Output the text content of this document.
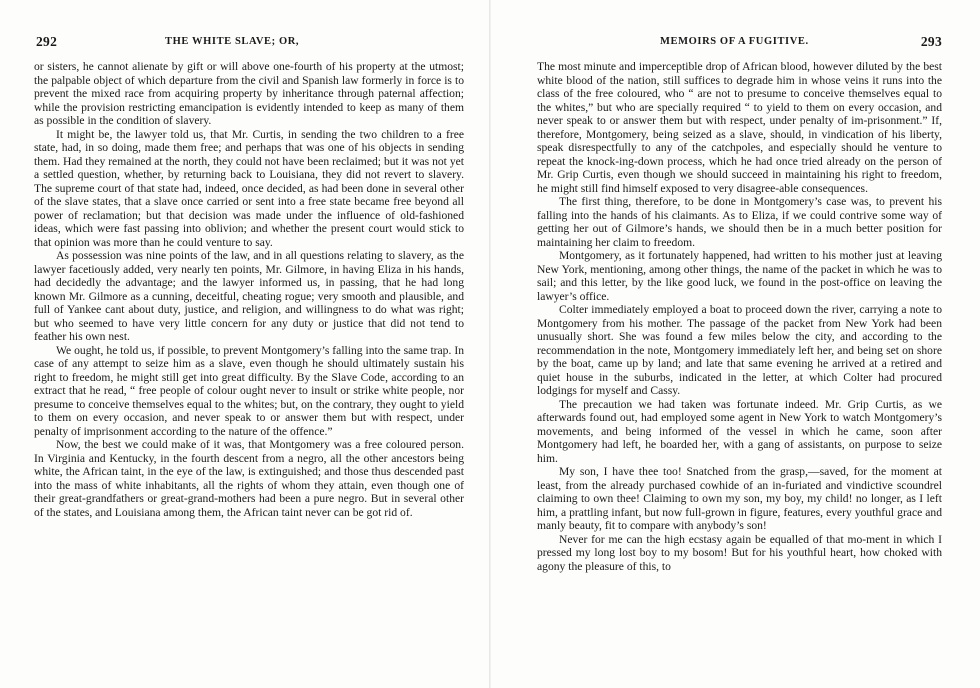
292	THE WHITE SLAVE; OR,

or sisters, he cannot alienate by gift or will above one-fourth of his property at the utmost; the palpable object of which departure from the civil and Spanish law formerly in force is to prevent the mixed race from acquiring property by inheritance through paternal affection; while the provision restricting emancipation is evidently intended to keep as many of them as possible in the condition of slavery.

It might be, the lawyer told us, that Mr. Curtis, in sending the two children to a free state, had, in so doing, made them free; and perhaps that was one of his objects in sending them. Had they remained at the north, they could not have been reclaimed; but it was not yet a settled question, whether, by returning back to Louisiana, they did not revert to slavery. The supreme court of that state had, indeed, once decided, as had been done in several other of the slave states, that a slave once carried or sent into a free state became free beyond all power of reclamation; but that decision was made under the influence of old-fashioned ideas, which were fast passing into oblivion; and whether the present court would stick to that opinion was more than he could venture to say.

As possession was nine points of the law, and in all questions relating to slavery, as the lawyer facetiously added, very nearly ten points, Mr. Gilmore, in having Eliza in his hands, had decidedly the advantage; and the lawyer informed us, in passing, that he had long known Mr. Gilmore as a cunning, deceitful, cheating rogue; very smooth and plausible, and full of Yankee cant about duty, justice, and religion, and willingness to do what was right; but who seemed to have very little concern for any duty or justice that did not tend to feather his own nest.

We ought, he told us, if possible, to prevent Montgomery’s falling into the same trap. In case of any attempt to seize him as a slave, even though he should ultimately sustain his right to freedom, he might still get into great difficulty. By the Slave Code, according to an extract that he read, “ free people of colour ought never to insult or strike white people, nor presume to conceive themselves equal to the whites; but, on the contrary, they ought to yield to them on every occasion, and never speak to or answer them but with respect, under penalty of imprisonment according to the nature of the offence.”

Now, the best we could make of it was, that Montgomery was a free coloured person. In Virginia and Kentucky, in the fourth descent from a negro, all the other ancestors being white, the African taint, in the eye of the law, is extinguished; and those thus descended past into the mass of white inhabitants, all the rights of whom they attain, even though one of their great-grandfathers or great-grand-mothers had been a pure negro. But in several other of the states, and Louisiana among them, the African taint never can be got rid of.

MEMOIRS OF A FUGITIVE.	293

The most minute and imperceptible drop of African blood, however diluted by the best white blood of the nation, still suffices to degrade him in whose veins it runs into the class of the free coloured, who “ are not to presume to conceive themselves equal to the whites,” but who are specially required “ to yield to them on every occasion, and never speak to or answer them but with respect, under penalty of im-prisonment.” If, therefore, Montgomery, being seized as a slave, should, in vindication of his liberty, speak disrespectfully to any of the catchpoles, and especially should he venture to repeat the knock-ing-down process, which he had once tried already on the person of Mr. Grip Curtis, even though we should succeed in maintaining his right to freedom, he might still find himself exposed to very disagree-able consequences.

The first thing, therefore, to be done in Montgomery’s case was, to prevent his falling into the hands of his claimants. As to Eliza, if we could contrive some way of getting her out of Gilmore’s hands, we should then be in a much better position for maintaining her claim to freedom.

Montgomery, as it fortunately happened, had written to his mother just at leaving New York, mentioning, among other things, the name of the packet in which he was to sail; and this letter, by the like good luck, we found in the post-office on leaving the lawyer’s office.

Colter immediately employed a boat to proceed down the river, carrying a note to Montgomery from his mother. The passage of the packet from New York had been unusually short. She was found a few miles below the city, and according to the recommendation in the note, Montgomery immediately left her, and being set on shore by the boat, came up by land; and late that same evening he arrived at a retired and quiet house in the suburbs, indicated in the letter, at which Colter had procured lodgings for myself and Cassy.

The precaution we had taken was fortunate indeed. Mr. Grip Curtis, as we afterwards found out, had employed some agent in New York to watch Montgomery’s movements, and being informed of the vessel in which he came, soon after Montgomery had left, he boarded her, with a gang of assistants, on purpose to seize him.

My son, I have thee too! Snatched from the grasp,—saved, for the moment at least, from the already purchased cowhide of an in-furiated and vindictive scoundrel claiming to own thee! Claiming to own my son, my boy, my child! no longer, as I left him, a prattling infant, but now full-grown in figure, features, every youthful grace and manly beauty, fit to compare with anybody’s son!

Never for me can the high ecstasy again be equalled of that mo-ment in which I pressed my long lost boy to my bosom! But for his youthful heart, how choked with agony the pleasure of this, to
